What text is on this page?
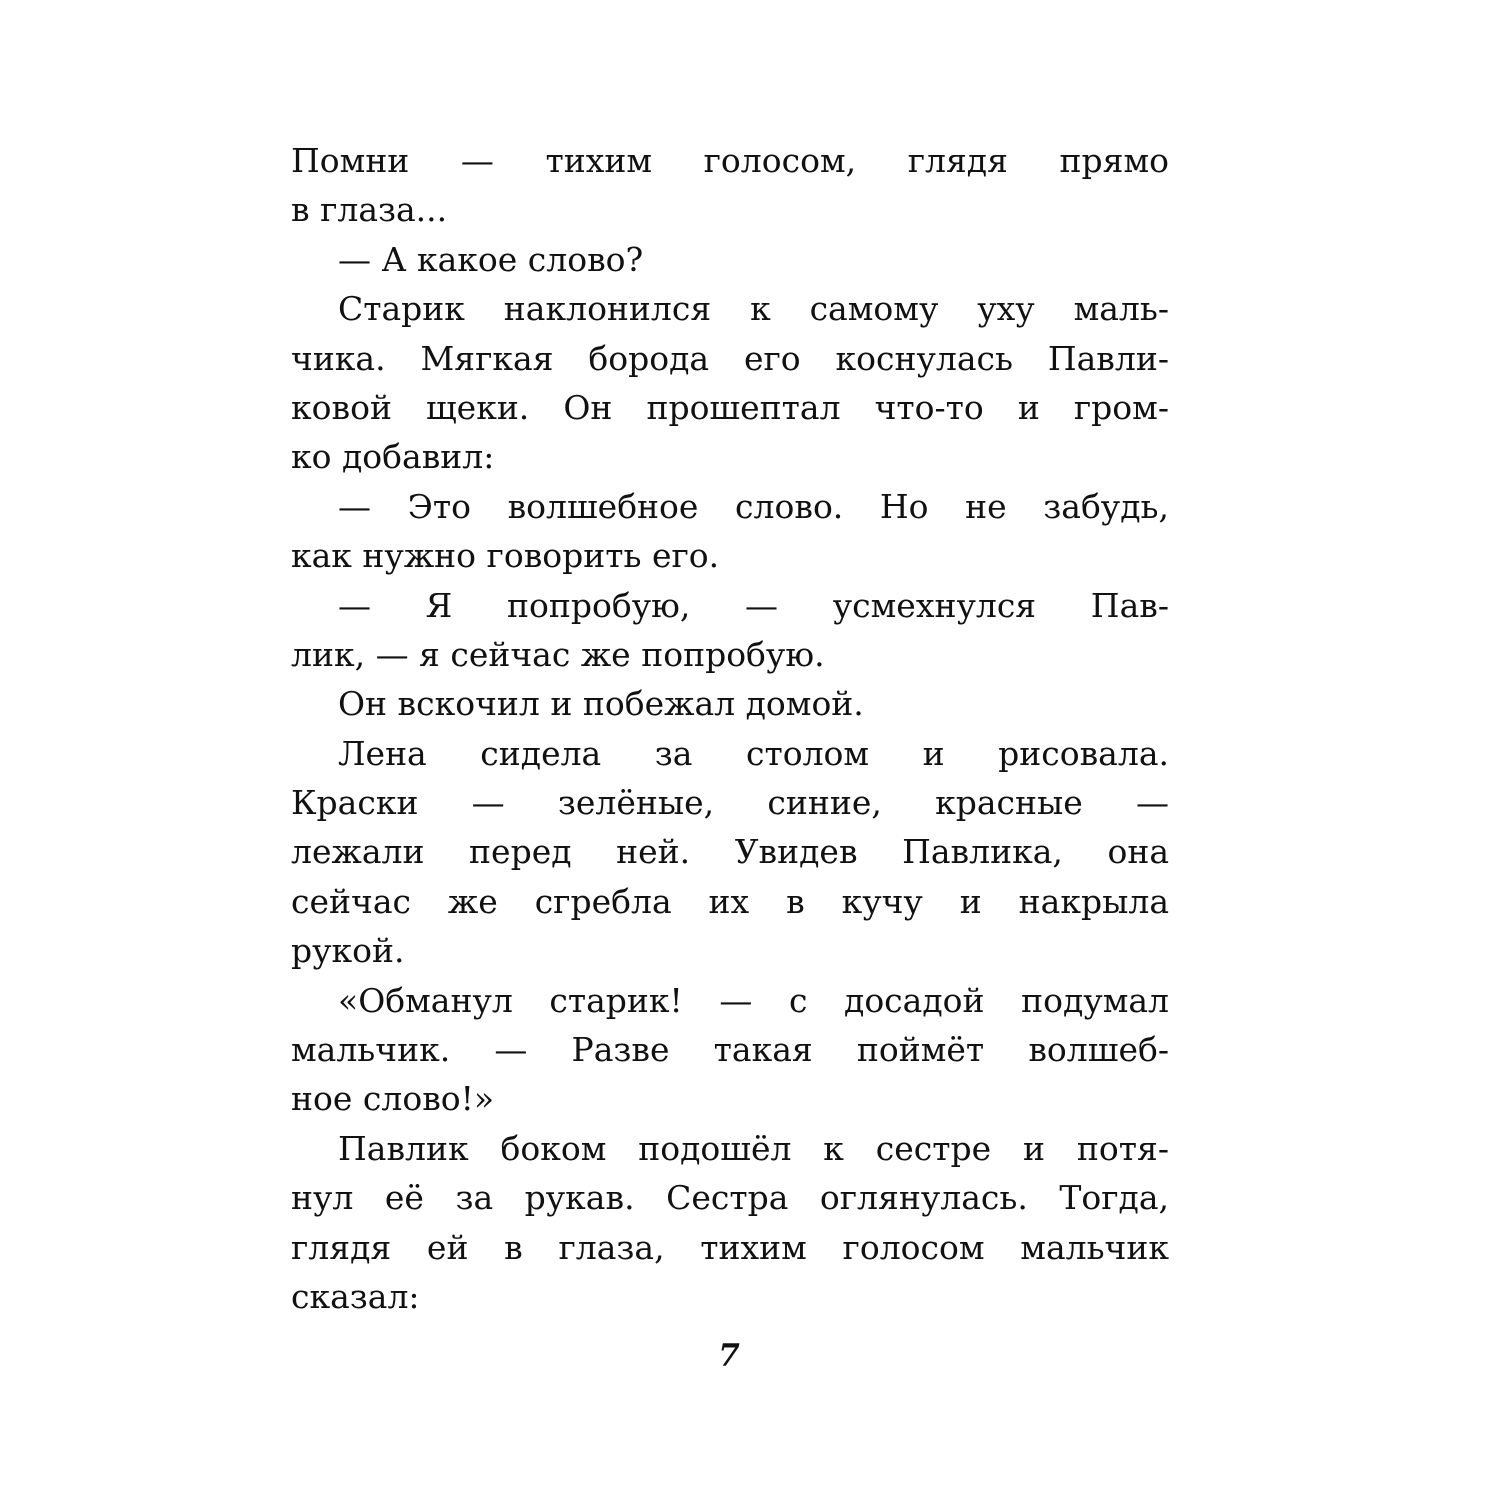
Помни — тихим голосом, глядя прямо
в глаза...
— А какое слово?
Старик наклонился к самому уху маль-
чика. Мягкая борода его коснулась Павли-
ковой щеки. Он прошептал что-то и гром-
ко добавил:
— Это волшебное слово. Но не забудь,
как нужно говорить его.
— Я попробую, — усмехнулся Пав-
лик, — я сейчас же попробую.
Он вскочил и побежал домой.
Лена сидела за столом и рисовала.
Краски — зелёные, синие, красные —
лежали перед ней. Увидев Павлика, она
сейчас же сгребла их в кучу и накрыла
рукой.
«Обманул старик! — с досадой подумал
мальчик. — Разве такая поймёт волшеб-
ное слово!»
Павлик боком подошёл к сестре и потя-
нул её за рукав. Сестра оглянулась. Тогда,
глядя ей в глаза, тихим голосом мальчик
сказал:
7
